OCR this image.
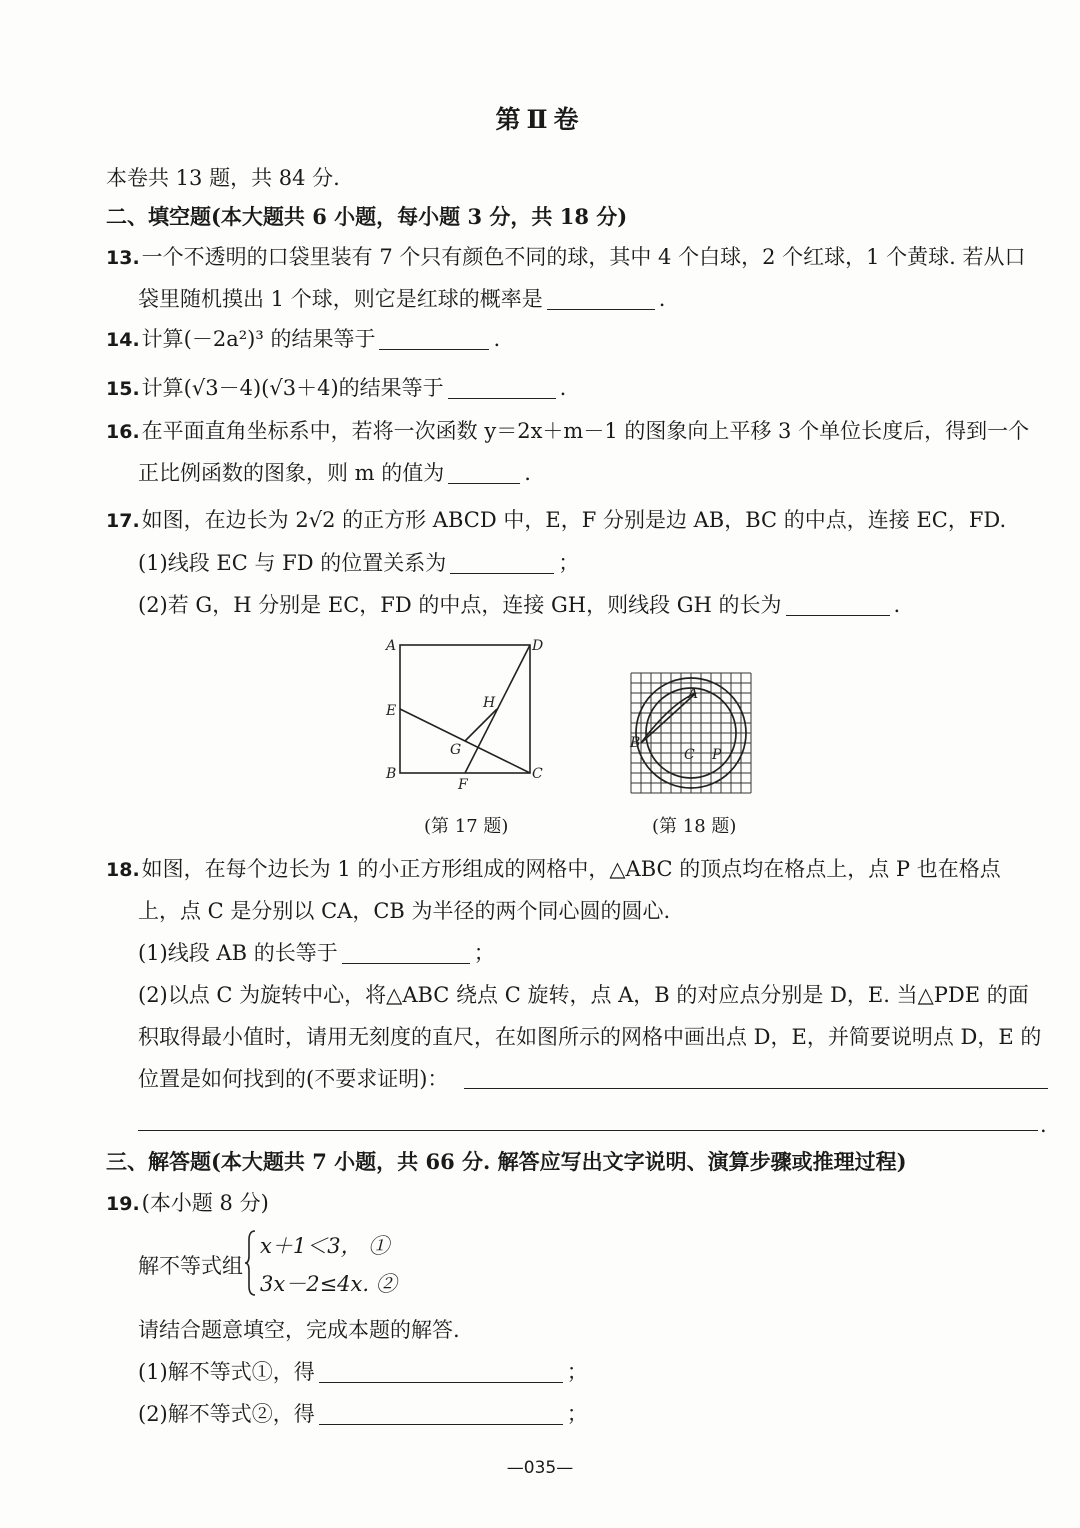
第Ⅱ卷
本卷共 13 题，共 84 分.
二、填空题(本大题共 6 小题，每小题 3 分，共 18 分)
13.一个不透明的口袋里装有 7 个只有颜色不同的球，其中 4 个白球，2 个红球，1 个黄球. 若从口
袋里随机摸出 1 个球，则它是红球的概率是	.
14.计算(－2a²)³ 的结果等于	.
15.计算(√3－4)(√3＋4)的结果等于	.
16.在平面直角坐标系中，若将一次函数 y＝2x＋m－1 的图象向上平移 3 个单位长度后，得到一个
正比例函数的图象，则 m 的值为	.
17.如图，在边长为 2√2 的正方形 ABCD 中，E，F 分别是边 AB，BC 的中点，连接 EC，FD.
(1)线段 EC 与 FD 的位置关系为	；
(2)若 G，H 分别是 EC，FD 的中点，连接 GH，则线段 GH 的长为	.
A	D
E
B	C
F
G
H
(第 17 题)
A
B
C P
(第 18 题)
18.如图，在每个边长为 1 的小正方形组成的网格中，△ABC 的顶点均在格点上，点 P 也在格点
上，点 C 是分别以 CA，CB 为半径的两个同心圆的圆心.
(1)线段 AB 的长等于	；
(2)以点 C 为旋转中心，将△ABC 绕点 C 旋转，点 A，B 的对应点分别是 D，E. 当△PDE 的面
积取得最小值时，请用无刻度的直尺，在如图所示的网格中画出点 D，E，并简要说明点 D，E 的
位置是如何找到的(不要求证明)：
.
三、解答题(本大题共 7 小题，共 66 分. 解答应写出文字说明、演算步骤或推理过程)
19.(本小题 8 分)
解不等式组
x＋1＜3， ①
3x－2≤4x. ②
请结合题意填空，完成本题的解答.
(1)解不等式①，得	；
(2)解不等式②，得	；
—035—
